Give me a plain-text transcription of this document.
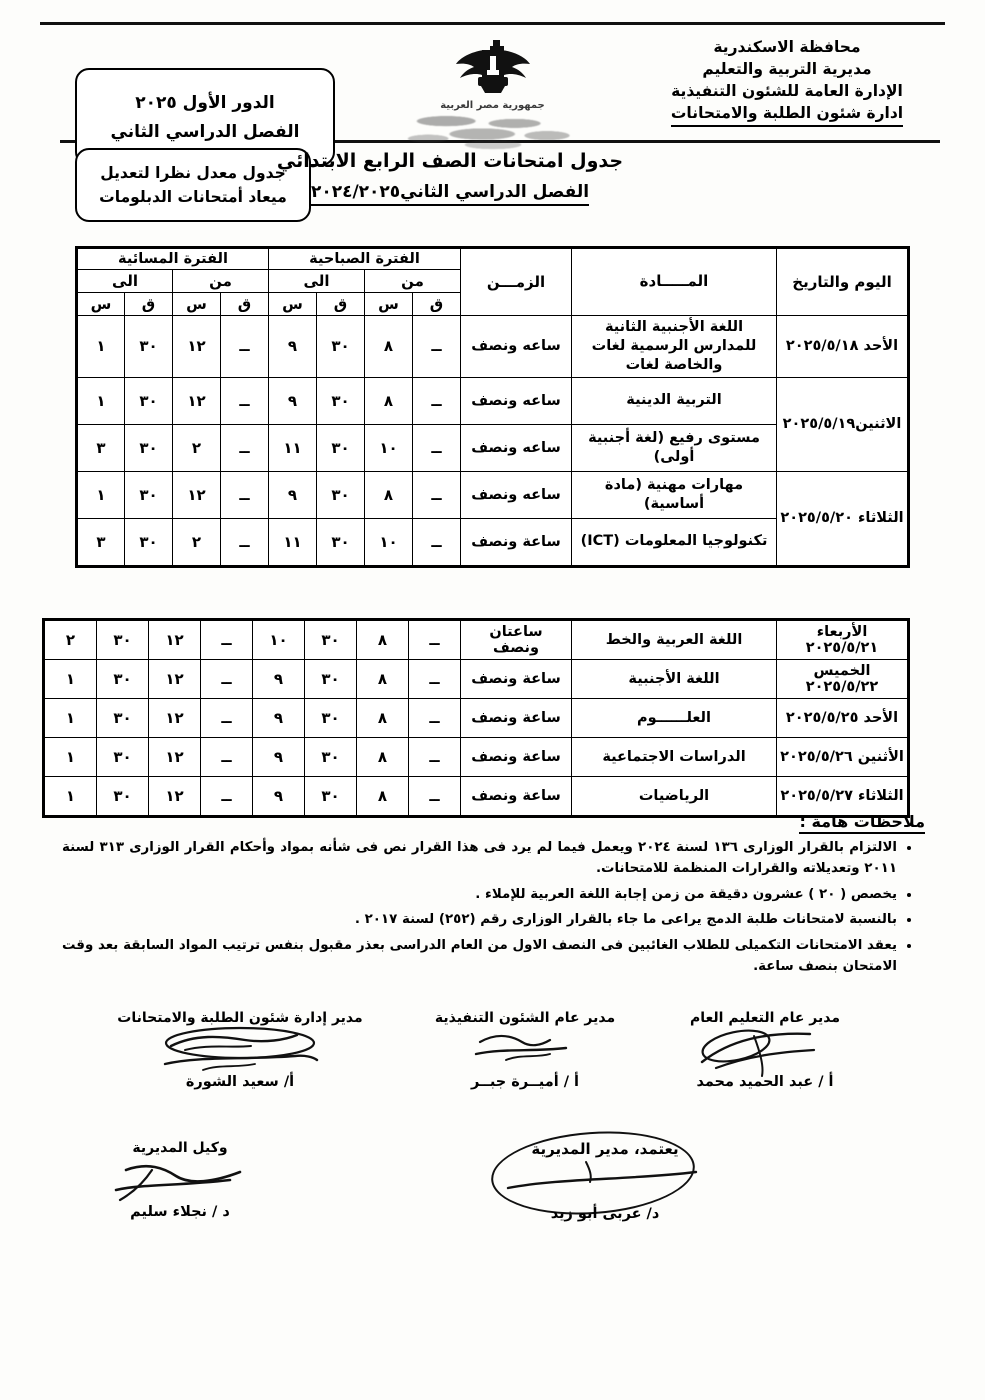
محافظة الاسكندرية
مديرية التربية والتعليم
الإدارة العامة للشئون التنفيذية
ادارة شئون الطلبة والامتحانات
جمهورية مصر العربية
الدور الأول ٢٠٢٥
الفصل الدراسي الثاني
جدول معدل نظرا لتعديل
ميعاد أمتحانات الدبلومات
جدول امتحانات الصف الرابع الابتدائي
الفصل الدراسي الثاني٢٠٢٤/٢٠٢٥
اليوم والتاريخ	المـــــادة	الزمـــن	الفترة الصباحية				الفترة المسائية			
			من		الى		من		الى	
			ق	س	ق	س	ق	س	ق	س
الأحد ٢٠٢٥/٥/١٨	اللغة الأجنبية الثانية للمدارس الرسمية لغات والخاصة لغات	ساعه ونصف	ــ	٨	٣٠	٩	ــ	١٢	٣٠	١
الاثنين٢٠٢٥/٥/١٩	التربية الدينية	ساعه ونصف	ــ	٨	٣٠	٩	ــ	١٢	٣٠	١
	مستوى رفيع (لغة أجنبية أولى)	ساعه ونصف	ــ	١٠	٣٠	١١	ــ	٢	٣٠	٣
الثلاثاء ٢٠٢٥/٥/٢٠	مهارات مهنية (مادة أساسية)	ساعه ونصف	ــ	٨	٣٠	٩	ــ	١٢	٣٠	١
	تكنولوجيا المعلومات (ICT)	ساعة ونصف	ــ	١٠	٣٠	١١	ــ	٢	٣٠	٣
الأربعاء ٢٠٢٥/٥/٢١	اللغة العربية والخط	ساعتان ونصف	ــ	٨	٣٠	١٠	ــ	١٢	٣٠	٢
الخميس ٢٠٢٥/٥/٢٢	اللغة الأجنبية	ساعة ونصف	ــ	٨	٣٠	٩	ــ	١٢	٣٠	١
الأحد ٢٠٢٥/٥/٢٥	العلــــــوم	ساعة ونصف	ــ	٨	٣٠	٩	ــ	١٢	٣٠	١
الأثنين ٢٠٢٥/٥/٢٦	الدراسات الاجتماعية	ساعة ونصف	ــ	٨	٣٠	٩	ــ	١٢	٣٠	١
الثلاثاء ٢٠٢٥/٥/٢٧	الرياضيات	ساعة ونصف	ــ	٨	٣٠	٩	ــ	١٢	٣٠	١
ملاحظات هامة :
• الالتزام بالقرار الوزارى ١٣٦ لسنة ٢٠٢٤ ويعمل فيما لم يرد فى هذا القرار نص فى شأنه بمواد وأحكام القرار الوزارى ٣١٣ لسنة ٢٠١١ وتعديلاته والقرارات المنظمة للامتحانات.
• يخصص ( ٢٠ ) عشرون دقيقة من زمن إجابة اللغة العربية للإملاء .
• بالنسبة لامتحانات طلبة الدمج يراعى ما جاء بالقرار الوزارى رقم (٢٥٢) لسنة ٢٠١٧ .
• يعقد الامتحانات التكميلى للطلاب الغائبين فى النصف الاول من العام الدراسى بعذر مقبول بنفس ترتيب المواد السابقة بعد وقت الامتحان بنصف ساعة.
مدير إدارة شئون الطلبة والامتحانات
أ/ سعيد الشورة
مدير عام الشئون التنفيذية
أ / أميــرة جبــر
مدير عام التعليم العام
أ / عبد الحميد محمد
وكيل المديرية
د / نجلاء سليم
يعتمد، مدير المديرية
د/ عربى أبو زيد
